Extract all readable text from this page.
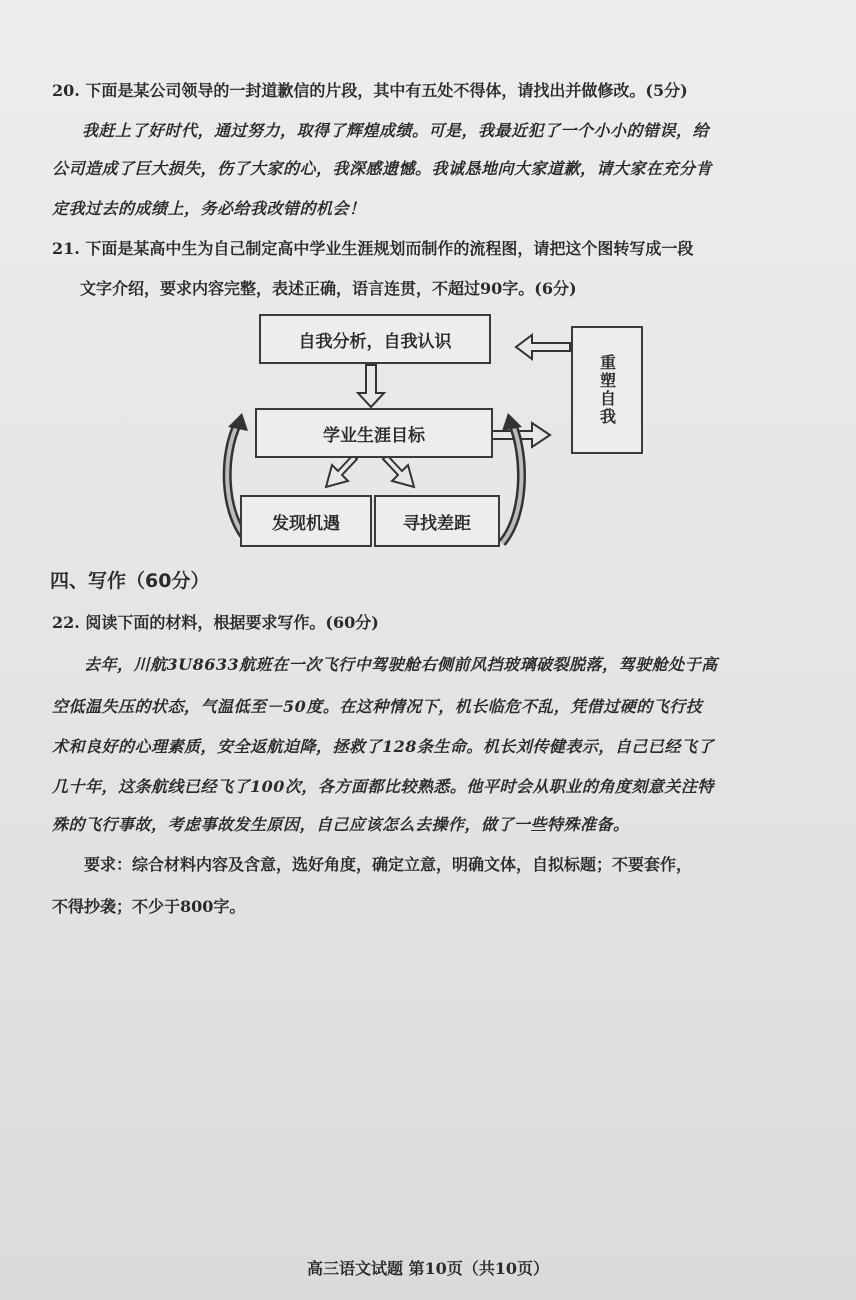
20. 下面是某公司领导的一封道歉信的片段，其中有五处不得体，请找出并做修改。(5分)
我赶上了好时代，通过努力，取得了辉煌成绩。可是，我最近犯了一个小小的错误，给
公司造成了巨大损失，伤了大家的心，我深感遗憾。我诚恳地向大家道歉，请大家在充分肯
定我过去的成绩上，务必给我改错的机会！
21. 下面是某高中生为自己制定高中学业生涯规划而制作的流程图，请把这个图转写成一段
文字介绍，要求内容完整，表述正确，语言连贯，不超过90字。(6分)
自我分析，自我认识
学业生涯目标
发现机遇	寻找差距
重塑自我
四、写作（60分）
22. 阅读下面的材料，根据要求写作。(60分)
去年，川航3U8633航班在一次飞行中驾驶舱右侧前风挡玻璃破裂脱落，驾驶舱处于高
空低温失压的状态，气温低至－50度。在这种情况下，机长临危不乱，凭借过硬的飞行技
术和良好的心理素质，安全返航迫降，拯救了128条生命。机长刘传健表示，自己已经飞了
几十年，这条航线已经飞了100次，各方面都比较熟悉。他平时会从职业的角度刻意关注特
殊的飞行事故，考虑事故发生原因，自己应该怎么去操作，做了一些特殊准备。
要求：综合材料内容及含意，选好角度，确定立意，明确文体，自拟标题；不要套作，
不得抄袭；不少于800字。
高三语文试题 第10页（共10页）
